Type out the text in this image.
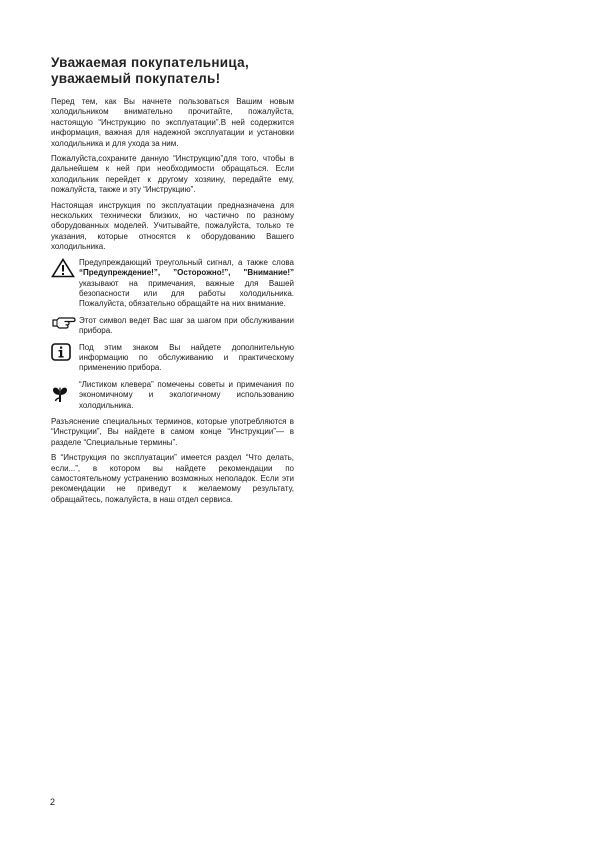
Уважаемая покупательница,
уважаемый покупатель!

Перед тем, как Вы начнете пользоваться Вашим новым холодильником внимательно прочитайте, пожалуйста, настоящую “Инструкцию по эксплуатации”.В ней содержится информация, важная для надежной эксплуатации и установки холодильника и для ухода за ним.

Пожалуйста,сохраните данную “Инструкцию”для того, чтобы в дальнейшем к ней при необходимости обращаться. Если холодильник перейдет к другому хозяину, передайте ему, пожалуйста, также и эту “Инструкцию”.

Настоящая инструкция по эксплуатации предназначена для нескольких технически близких, но частично по разному оборудованных моделей. Учитывайте, пожалуйста, только те указания, которые относятся к оборудованию Вашего холодильника.

Предупреждающий треугольный сигнал, а также слова “Предупреждение!”, ”Осторожно!”, "Внимание!” указывают на примечания, важные для Вашей безопасности или для работы холодильника. Пожалуйста, обязательно обращайте на них внимание.
Этот символ ведет Вас шаг за шагом при обслуживании прибора.
Под этим знаком Вы найдете дополнительную информацию по обслуживанию и практическому применению прибора.
“Листиком клевера” помечены советы и примечания по экономичному и экологичному использованию холодильника.

Разъяснение специальных терминов, которые употребляются в “Инструкции”, Вы найдете в самом конце “Инструкции”— в разделе “Специальные термины”.

В “Инструкция по эксплуатации” имеется раздел “Что делать, если...”, в котором вы найдете рекомендации по самостоятельному устранению возможных неполадок. Если эти рекомендации не приведут к желаемому результату, обращайтесь, пожалуйста, в наш отдел сервиса.

2
